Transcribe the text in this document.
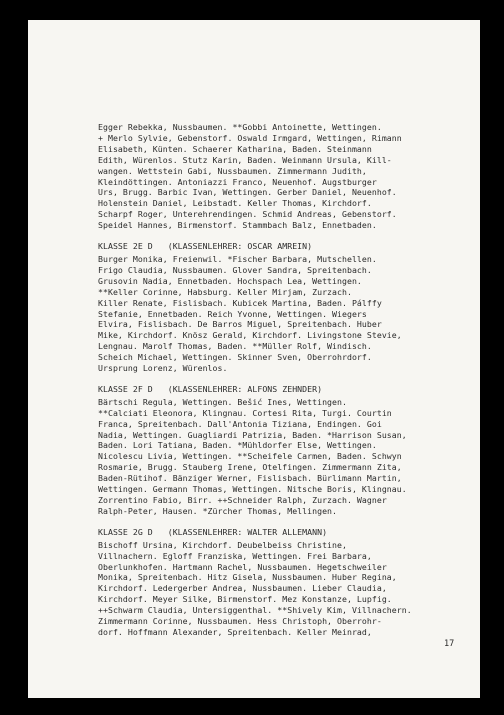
Egger Rebekka, Nussbaumen. **Gobbi Antoinette, Wettingen.
+ Merlo Sylvie, Gebenstorf. Oswald Irmgard, Wettingen, Rimann
Elisabeth, Künten. Schaerer Katharina, Baden. Steinmann
Edith, Würenlos. Stutz Karin, Baden. Weinmann Ursula, Kill-
wangen. Wettstein Gabi, Nussbaumen. Zimmermann Judith,
Kleindöttingen. Antoniazzi Franco, Neuenhof. Augstburger
Urs, Brugg. Barbic Ivan, Wettingen. Gerber Daniel, Neuenhof.
Holenstein Daniel, Leibstadt. Keller Thomas, Kirchdorf.
Scharpf Roger, Unterehrendingen. Schmid Andreas, Gebenstorf.
Speidel Hannes, Birmenstorf. Stammbach Balz, Ennetbaden.
KLASSE 2E D   (KLASSENLEHRER: OSCAR AMREIN)
Burger Monika, Freienwil. *Fischer Barbara, Mutschellen.
Frigo Claudia, Nussbaumen. Glover Sandra, Spreitenbach.
Grusovin Nadia, Ennetbaden. Hochspach Lea, Wettingen.
**Keller Corinne, Habsburg. Keller Mirjam, Zurzach.
Killer Renate, Fislisbach. Kubicek Martina, Baden. Pálffy
Stefanie, Ennetbaden. Reich Yvonne, Wettingen. Wiegers
Elvira, Fislisbach. De Barros Miguel, Spreitenbach. Huber
Mike, Kirchdorf. Knösz Gerald, Kirchdorf. Livingstone Stevie,
Lengnau. Marolf Thomas, Baden. **Müller Rolf, Windisch.
Scheich Michael, Wettingen. Skinner Sven, Oberrohrdorf.
Ursprung Lorenz, Würenlos.
KLASSE 2F D   (KLASSENLEHRER: ALFONS ZEHNDER)
Bärtschi Regula, Wettingen. Bešić Ines, Wettingen.
**Calciati Eleonora, Klingnau. Cortesi Rita, Turgi. Courtin
Franca, Spreitenbach. Dall'Antonia Tiziana, Endingen. Goi
Nadia, Wettingen. Guagliardi Patrizia, Baden. *Harrison Susan,
Baden. Lori Tatiana, Baden. *Mühldorfer Else, Wettingen.
Nicolescu Livia, Wettingen. **Scheifele Carmen, Baden. Schwyn
Rosmarie, Brugg. Stauberg Irene, Otelfingen. Zimmermann Zita,
Baden-Rütihof. Bänziger Werner, Fislisbach. Bürlimann Martin,
Wettingen. Germann Thomas, Wettingen. Nitsche Boris, Klingnau.
Zorrentino Fabio, Birr. ++Schneider Ralph, Zurzach. Wagner
Ralph-Peter, Hausen. *Zürcher Thomas, Mellingen.
KLASSE 2G D   (KLASSENLEHRER: WALTER ALLEMANN)
Bischoff Ursina, Kirchdorf. Deubelbeiss Christine,
Villnachern. Egloff Franziska, Wettingen. Frei Barbara,
Oberlunkhofen. Hartmann Rachel, Nussbaumen. Hegetschweiler
Monika, Spreitenbach. Hitz Gisela, Nussbaumen. Huber Regina,
Kirchdorf. Ledergerber Andrea, Nussbaumen. Lieber Claudia,
Kirchdorf. Meyer Silke, Birmenstorf. Mez Konstanze, Lupfig.
++Schwarm Claudia, Untersiggenthal. **Shively Kim, Villnachern.
Zimmermann Corinne, Nussbaumen. Hess Christoph, Oberrohr-
dorf. Hoffmann Alexander, Spreitenbach. Keller Meinrad,
17
